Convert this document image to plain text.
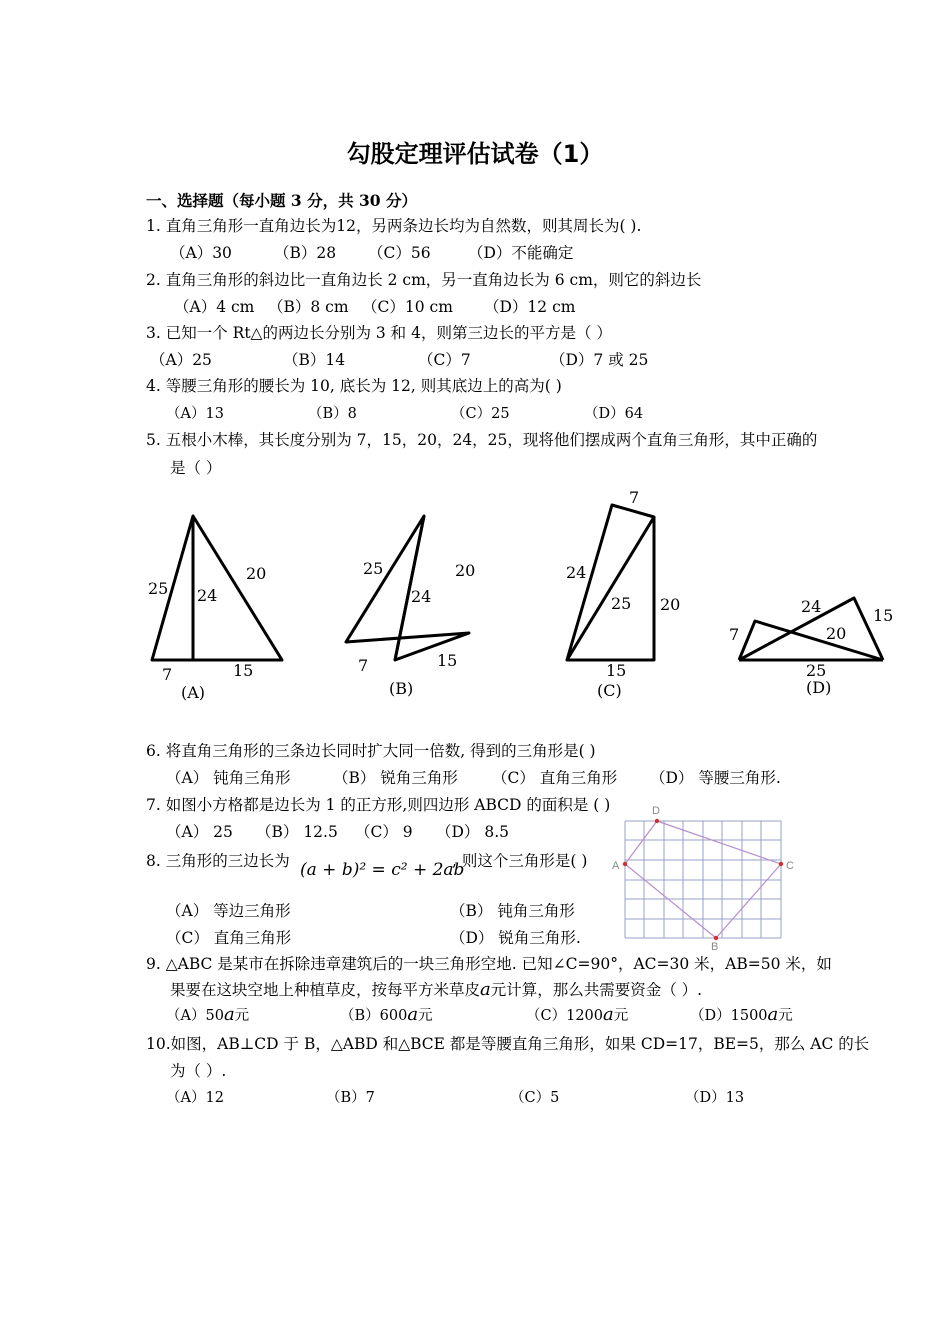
勾股定理评估试卷（1）
一、选择题（每小题 3 分，共 30 分）
1. 直角三角形一直角边长为12，另两条边长均为自然数，则其周长为( ).
（A）30	（B）28 （C）56 （D）不能确定
2. 直角三角形的斜边比一直角边长 2 cm，另一直角边长为 6 cm，则它的斜边长
（A）4 cm （B）8 cm （C）10 cm （D）12 cm
3. 已知一个 Rt△的两边长分别为 3 和 4，则第三边长的平方是（ ）
（A）25	（B）14	（C）7	（D）7 或 25
4. 等腰三角形的腰长为 10, 底长为 12, 则其底边上的高为( )
（A）13	（B）8	（C）25	（D）64
5. 五根小木棒，其长度分别为 7，15，20，24，25，现将他们摆成两个直角三角形，其中正确的
是（ ）
25 24
20
7	15
(A)
25	20
24
7	15
(B)
7
24
25 20
15
(C)
24	15
7	20
25
(D)
6. 将直角三角形的三条边长同时扩大同一倍数, 得到的三角形是( )
（A） 钝角三角形	（B） 锐角三角形 （C） 直角三角形 （D） 等腰三角形.
7. 如图小方格都是边长为 1 的正方形,则四边形 ABCD 的面积是 ( )
（A） 25 （B） 12.5 （C） 9 （D） 8.5
A
D
C
B
8. 三角形的三边长为 (a + b)² = c² + 2ab
, 则这个三角形是( )
（A） 等边三角形	（B） 钝角三角形
（C） 直角三角形	（D） 锐角三角形.
9. △ABC 是某市在拆除违章建筑后的一块三角形空地. 已知∠C=90°，AC=30 米，AB=50 米，如
果要在这块空地上种植草皮，按每平方米草皮a元计算，那么共需要资金（ ）.
（A）50a元	（B）600a元	（C）1200a元	（D）1500a元
10.如图，AB⊥CD 于 B，△ABD 和△BCE 都是等腰直角三角形，如果 CD=17，BE=5，那么 AC 的长
为（ ）.
（A）12	（B）7	（C）5	（D）13
